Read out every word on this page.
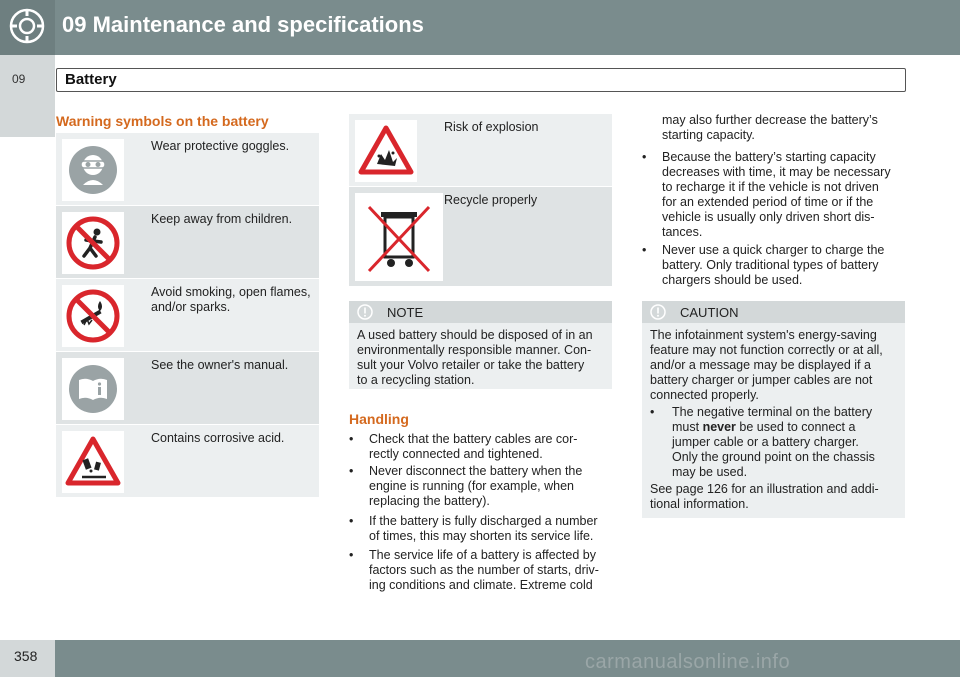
09 Maintenance and specifications
09	Battery
Warning symbols on the battery
Wear protective goggles.
Keep away from children.
Avoid smoking, open flames, and/or sparks.
See the owner's manual.
Contains corrosive acid.
Risk of explosion
Recycle properly
NOTE
A used battery should be disposed of in an
environmentally responsible manner. Con-
sult your Volvo retailer or take the battery
to a recycling station.
Handling
• Check that the battery cables are cor-
rectly connected and tightened.
• Never disconnect the battery when the
engine is running (for example, when
replacing the battery).
• If the battery is fully discharged a number
of times, this may shorten its service life.
• The service life of a battery is affected by
factors such as the number of starts, driv-
ing conditions and climate. Extreme cold
may also further decrease the battery’s
starting capacity.
• Because the battery’s starting capacity
decreases with time, it may be necessary
to recharge it if the vehicle is not driven
for an extended period of time or if the
vehicle is usually only driven short dis-
tances.
• Never use a quick charger to charge the
battery. Only traditional types of battery
chargers should be used.
CAUTION
The infotainment system's energy-saving
feature may not function correctly or at all,
and/or a message may be displayed if a
battery charger or jumper cables are not
connected properly.
• The negative terminal on the battery
must never be used to connect a
jumper cable or a battery charger.
Only the ground point on the chassis
may be used.
See page 126 for an illustration and addi-
tional information.
358	carmanualsonline.info
